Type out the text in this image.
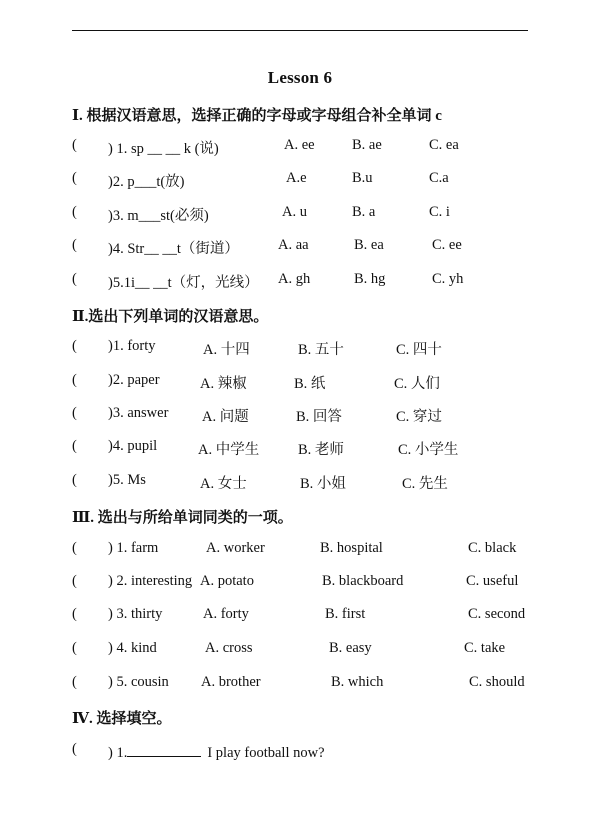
Lesson 6
Ⅰ. 根据汉语意思，选择正确的字母或字母组合补全单词 c
( ) 1. sp __ __ k (说)	A. ee	B. ae	C. ea
( )2. p___t(放)	A.e	B.u	C.a
( )3. m___st(必须)	A. u	B. a	C. i
( )4. Str__ __t（街道）	A. aa	B. ea	C. ee
( )5.1i__ __t（灯，光线） A. gh	B. hg	C. yh
Ⅱ.选出下列单词的汉语意思。
( )1. forty	A. 十四	B. 五十	C. 四十
( )2. paper	A. 辣椒	B. 纸	C. 人们
( )3. answer A. 问题	B. 回答	C. 穿过
( )4. pupil	A. 中学生	B. 老师	C. 小学生
( )5. Ms	A. 女士	B. 小姐	C. 先生
Ⅲ. 选出与所给单词同类的一项。
( ) 1. farm	A. worker	B. hospital	C. black
( ) 2. interesting A. potato	B. blackboard	C. useful
( ) 3. thirty	A. forty	B. first	C. second
( ) 4. kind	A. cross	B. easy	C. take
( ) 5. cousin A. brother	B. which	C. should
Ⅳ. 选择填空。
( ) 1.	I play football now?
